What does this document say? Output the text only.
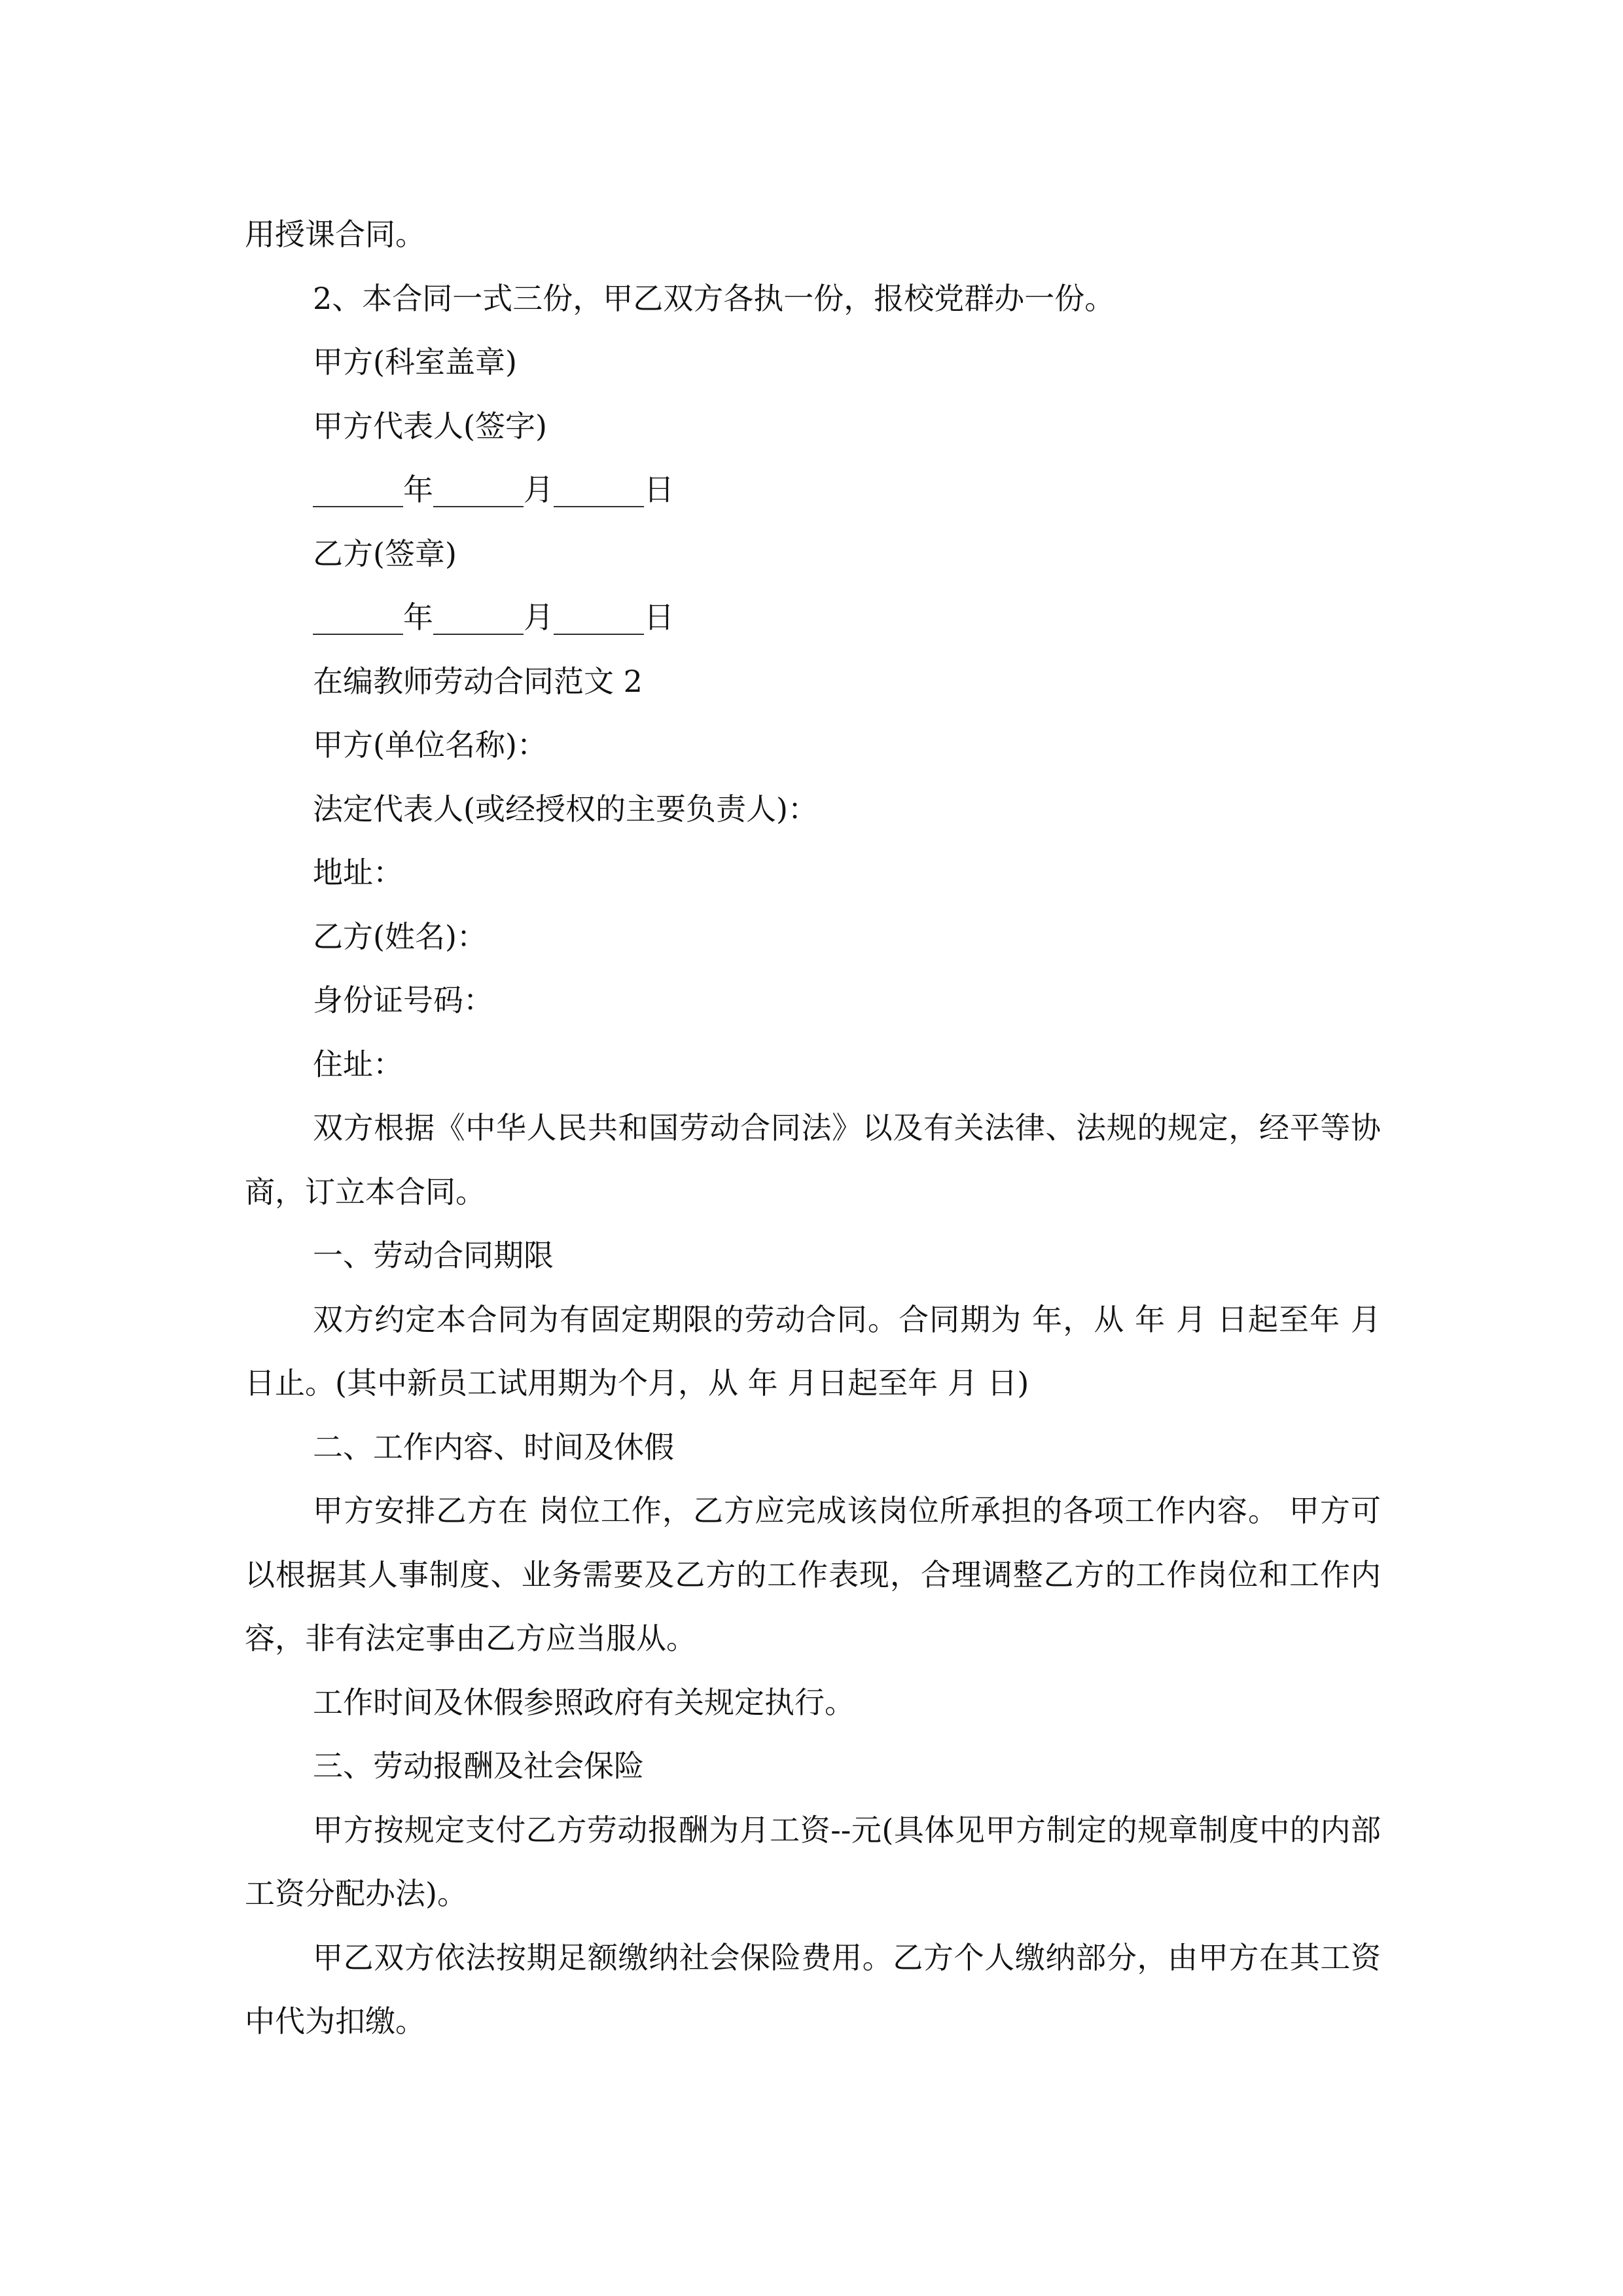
用授课合同。
2、本合同一式三份，甲乙双方各执一份，报校党群办一份。
甲方(科室盖章)
甲方代表人(签字)
______年______月______日
乙方(签章)
______年______月______日
在编教师劳动合同范文 2
甲方(单位名称)：
法定代表人(或经授权的主要负责人)：
地址：
乙方(姓名)：
身份证号码：
住址：
双方根据《中华人民共和国劳动合同法》以及有关法律、法规的规定，经平等协商，订立本合同。
一、劳动合同期限
双方约定本合同为有固定期限的劳动合同。合同期为 年，从 年 月 日起至年 月 日止。(其中新员工试用期为个月，从 年 月日起至年 月 日)
二、工作内容、时间及休假
甲方安排乙方在 岗位工作，乙方应完成该岗位所承担的各项工作内容。 甲方可以根据其人事制度、业务需要及乙方的工作表现，合理调整乙方的工作岗位和工作内容，非有法定事由乙方应当服从。
工作时间及休假参照政府有关规定执行。
三、劳动报酬及社会保险
甲方按规定支付乙方劳动报酬为月工资--元(具体见甲方制定的规章制度中的内部工资分配办法)。
甲乙双方依法按期足额缴纳社会保险费用。乙方个人缴纳部分，由甲方在其工资中代为扣缴。
